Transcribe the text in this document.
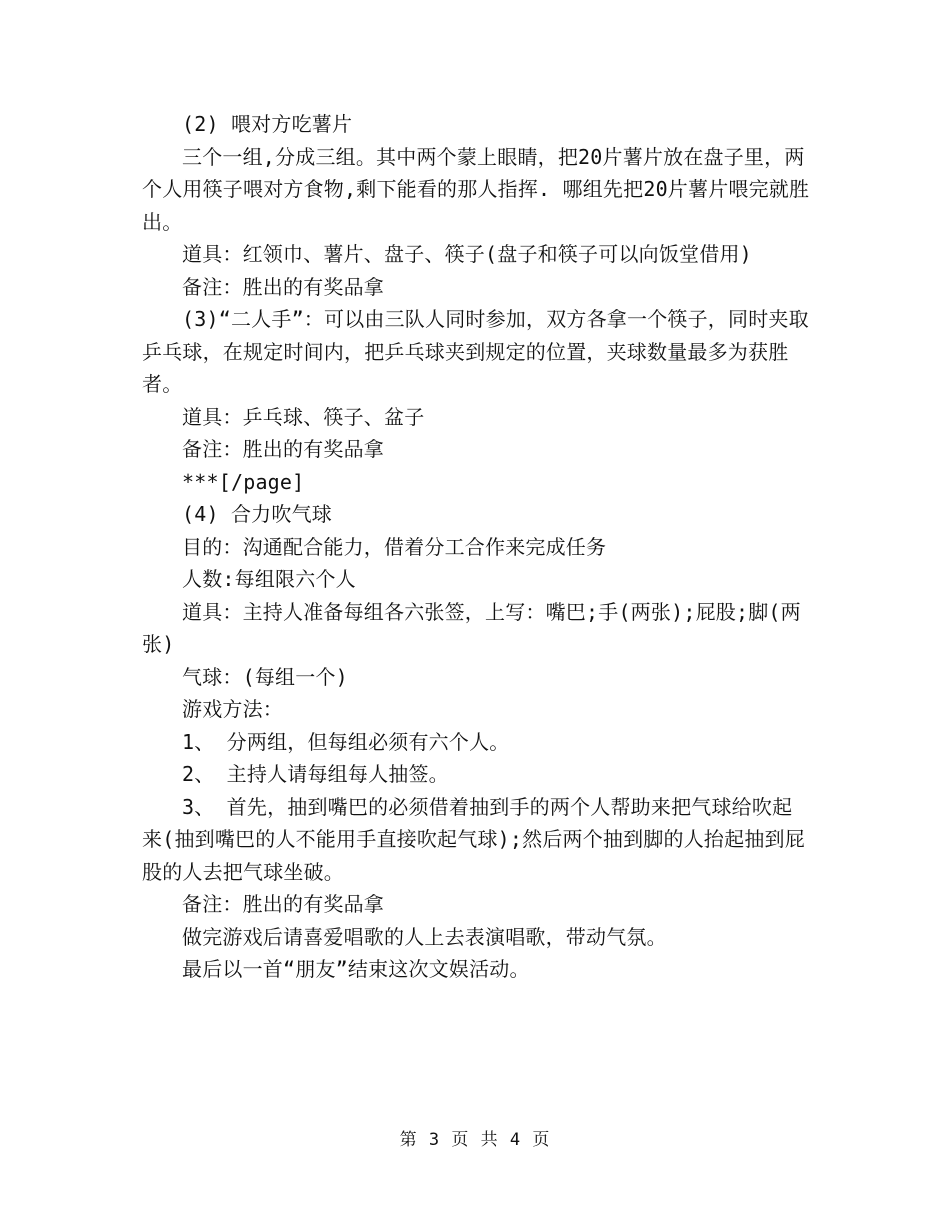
(2) 喂对方吃薯片

三个一组,分成三组。其中两个蒙上眼睛，把20片薯片放在盘子里，两个人用筷子喂对方食物,剩下能看的那人指挥. 哪组先把20片薯片喂完就胜出。

道具：红领巾、薯片、盘子、筷子(盘子和筷子可以向饭堂借用)

备注：胜出的有奖品拿

(3)“二人手”：可以由三队人同时参加，双方各拿一个筷子，同时夹取乒乓球，在规定时间内，把乒乓球夹到规定的位置，夹球数量最多为获胜者。

道具：乒乓球、筷子、盆子

备注：胜出的有奖品拿

***[/page]

(4) 合力吹气球

目的：沟通配合能力，借着分工合作来完成任务

人数:每组限六个人

道具：主持人准备每组各六张签，上写：嘴巴;手(两张);屁股;脚(两张)

气球：(每组一个)

游戏方法：

1、 分两组，但每组必须有六个人。

2、 主持人请每组每人抽签。

3、 首先，抽到嘴巴的必须借着抽到手的两个人帮助来把气球给吹起来(抽到嘴巴的人不能用手直接吹起气球);然后两个抽到脚的人抬起抽到屁股的人去把气球坐破。

备注：胜出的有奖品拿

做完游戏后请喜爱唱歌的人上去表演唱歌，带动气氛。

最后以一首“朋友”结束这次文娱活动。

第 3 页 共 4 页
